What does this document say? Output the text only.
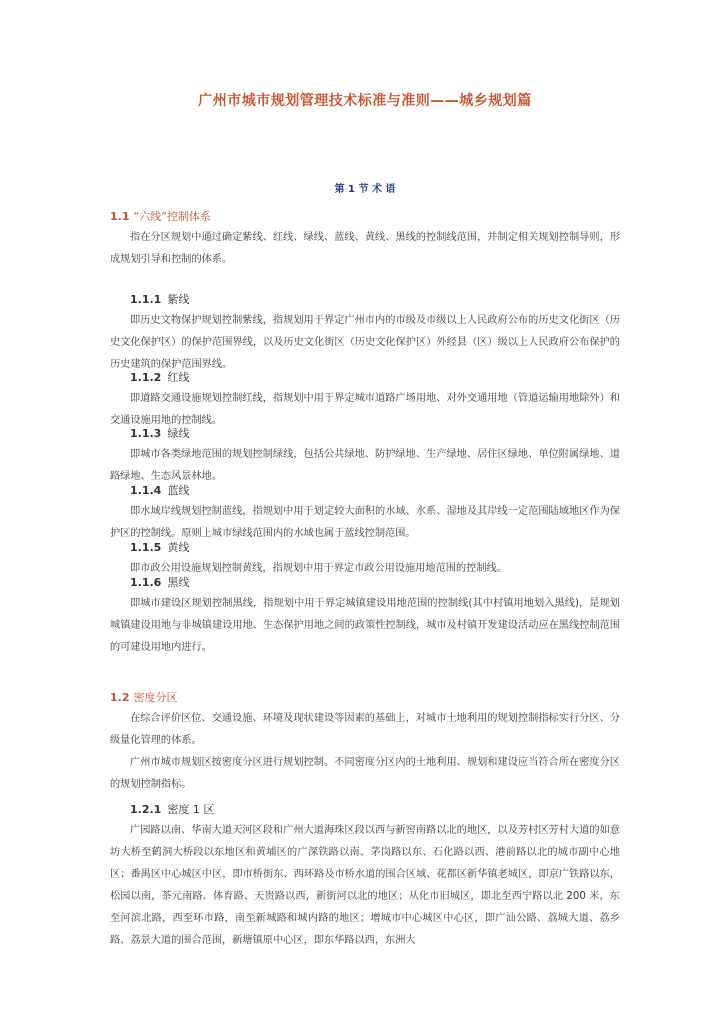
广州市城市规划管理技术标准与准则——城乡规划篇
第 1 节 术 语
1.1 “六线”控制体系

指在分区规划中通过确定紫线、红线、绿线、蓝线、黄线、黑线的控制线范围，并制定相关规划控制导则，形成规划引导和控制的体系。

1.1.1 紫线

即历史文物保护规划控制紫线，指规划用于界定广州市内的市级及市级以上人民政府公布的历史文化街区（历史文化保护区）的保护范围界线，以及历史文化街区（历史文化保护区）外经县（区）级以上人民政府公布保护的历史建筑的保护范围界线。

1.1.2 红线

即道路交通设施规划控制红线，指规划中用于界定城市道路广场用地、对外交通用地（管道运输用地除外）和交通设施用地的控制线。

1.1.3 绿线

即城市各类绿地范围的规划控制绿线，包括公共绿地、防护绿地、生产绿地、居住区绿地、单位附属绿地、道路绿地、生态风景林地。

1.1.4 蓝线

即水域岸线规划控制蓝线，指规划中用于划定较大面积的水域、水系、湿地及其岸线一定范围陆域地区作为保护区的控制线。原则上城市绿线范围内的水域也属于蓝线控制范围。

1.1.5 黄线

即市政公用设施规划控制黄线，指规划中用于界定市政公用设施用地范围的控制线。

1.1.6 黑线

即城市建设区规划控制黑线，指规划中用于界定城镇建设用地范围的控制线(其中村镇用地划入黑线)，是规划城镇建设用地与非城镇建设用地、生态保护用地之间的政策性控制线，城市及村镇开发建设活动应在黑线控制范围的可建设用地内进行。

1.2 密度分区

在综合评价区位、交通设施、环境及现状建设等因素的基础上，对城市土地利用的规划控制指标实行分区、分级量化管理的体系。

广州市城市规划区按密度分区进行规划控制。不同密度分区内的土地利用、规划和建设应当符合所在密度分区的规划控制指标。

1.2.1 密度 1 区

广园路以南、华南大道天河区段和广州大道海珠区段以西与新窖南路以北的地区，以及芳村区芳村大道的如意坊大桥至鹤洞大桥段以东地区和黄埔区的广深铁路以南、茅岗路以东、石化路以西、港前路以北的城市副中心地区；番禺区中心城区中区，即市桥街东、西环路及市桥水道的围合区域、花都区新华镇老城区，即京广铁路以东，松园以南，茶元南路、体育路、天贵路以西，新街河以北的地区；从化市旧城区，即北至西宁路以北 200 米，东至河滨北路，西至环市路，南至新城路和城内路的地区；增城市中心城区中心区，即广汕公路、荔城大道、荔乡路、荔景大道的围合范围，新塘镇原中心区，即东华路以西，东洲大
